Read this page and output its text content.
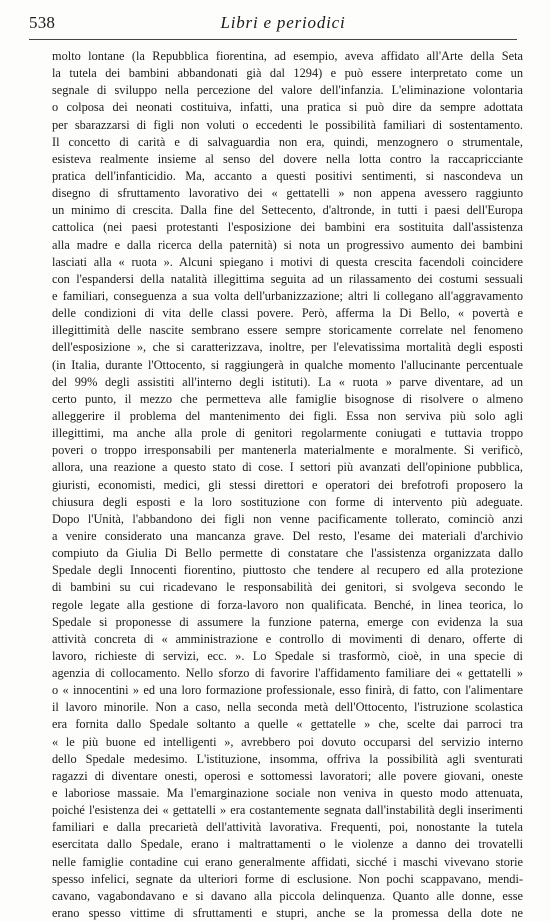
538	Libri e periodici
molto lontane (la Repubblica fiorentina, ad esempio, aveva affidato all'Arte della Seta
la tutela dei bambini abbandonati già dal 1294) e può essere interpretato come un
segnale di sviluppo nella percezione del valore dell'infanzia. L'eliminazione volontaria
o colposa dei neonati costituiva, infatti, una pratica si può dire da sempre adottata
per sbarazzarsi di figli non voluti o eccedenti le possibilità familiari di sostentamento.
Il concetto di carità e di salvaguardia non era, quindi, menzognero o strumentale,
esisteva realmente insieme al senso del dovere nella lotta contro la raccapricciante
pratica dell'infanticidio. Ma, accanto a questi positivi sentimenti, si nascondeva un
disegno di sfruttamento lavorativo dei « gettatelli » non appena avessero raggiunto
un minimo di crescita. Dalla fine del Settecento, d'altronde, in tutti i paesi dell'Europa
cattolica (nei paesi protestanti l'esposizione dei bambini era sostituita dall'assistenza
alla madre e dalla ricerca della paternità) si nota un progressivo aumento dei bambini
lasciati alla « ruota ». Alcuni spiegano i motivi di questa crescita facendoli coincidere
con l'espandersi della natalità illegittima seguita ad un rilassamento dei costumi sessuali
e familiari, conseguenza a sua volta dell'urbanizzazione; altri li collegano all'aggravamento
delle condizioni di vita delle classi povere. Però, afferma la Di Bello, « povertà e
illegittimità delle nascite sembrano essere sempre storicamente correlate nel fenomeno
dell'esposizione », che si caratterizzava, inoltre, per l'elevatissima mortalità degli esposti
(in Italia, durante l'Ottocento, si raggiungerà in qualche momento l'allucinante percentuale
del 99% degli assistiti all'interno degli istituti). La « ruota » parve diventare, ad un
certo punto, il mezzo che permetteva alle famiglie bisognose di risolvere o almeno
alleggerire il problema del mantenimento dei figli. Essa non serviva più solo agli
illegittimi, ma anche alla prole di genitori regolarmente coniugati e tuttavia troppo
poveri o troppo irresponsabili per mantenerla materialmente e moralmente. Si verificò,
allora, una reazione a questo stato di cose. I settori più avanzati dell'opinione pubblica,
giuristi, economisti, medici, gli stessi direttori e operatori dei brefotrofi proposero la
chiusura degli esposti e la loro sostituzione con forme di intervento più adeguate.
Dopo l'Unità, l'abbandono dei figli non venne pacificamente tollerato, cominciò anzi
a venire considerato una mancanza grave. Del resto, l'esame dei materiali d'archivio
compiuto da Giulia Di Bello permette di constatare che l'assistenza organizzata dallo
Spedale degli Innocenti fiorentino, piuttosto che tendere al recupero ed alla protezione
di bambini su cui ricadevano le responsabilità dei genitori, si svolgeva secondo le
regole legate alla gestione di forza-lavoro non qualificata. Benché, in linea teorica, lo
Spedale si proponesse di assumere la funzione paterna, emerge con evidenza la sua
attività concreta di « amministrazione e controllo di movimenti di denaro, offerte di
lavoro, richieste di servizi, ecc. ». Lo Spedale si trasformò, cioè, in una specie di
agenzia di collocamento. Nello sforzo di favorire l'affidamento familiare dei « gettatelli »
o « innocentini » ed una loro formazione professionale, esso finirà, di fatto, con l'alimentare
il lavoro minorile. Non a caso, nella seconda metà dell'Ottocento, l'istruzione scolastica
era fornita dallo Spedale soltanto a quelle « gettatelle » che, scelte dai parroci tra
« le più buone ed intelligenti », avrebbero poi dovuto occuparsi del servizio interno
dello Spedale medesimo. L'istituzione, insomma, offriva la possibilità agli sventurati
ragazzi di diventare onesti, operosi e sottomessi lavoratori; alle povere giovani, oneste
e laboriose massaie. Ma l'emarginazione sociale non veniva in questo modo attenuata,
poiché l'esistenza dei « gettatelli » era costantemente segnata dall'instabilità degli inserimenti
familiari e dalla precarietà dell'attività lavorativa. Frequenti, poi, nonostante la tutela
esercitata dallo Spedale, erano i maltrattamenti o le violenze a danno dei trovatelli
nelle famiglie contadine cui erano generalmente affidati, sicché i maschi vivevano storie
spesso infelici, segnate da ulteriori forme di esclusione. Non pochi scappavano, mendi-
cavano, vagabondavano e si davano alla piccola delinquenza. Quanto alle donne, esse
erano spesso vittime di sfruttamenti e stupri, anche se la promessa della dote ne
